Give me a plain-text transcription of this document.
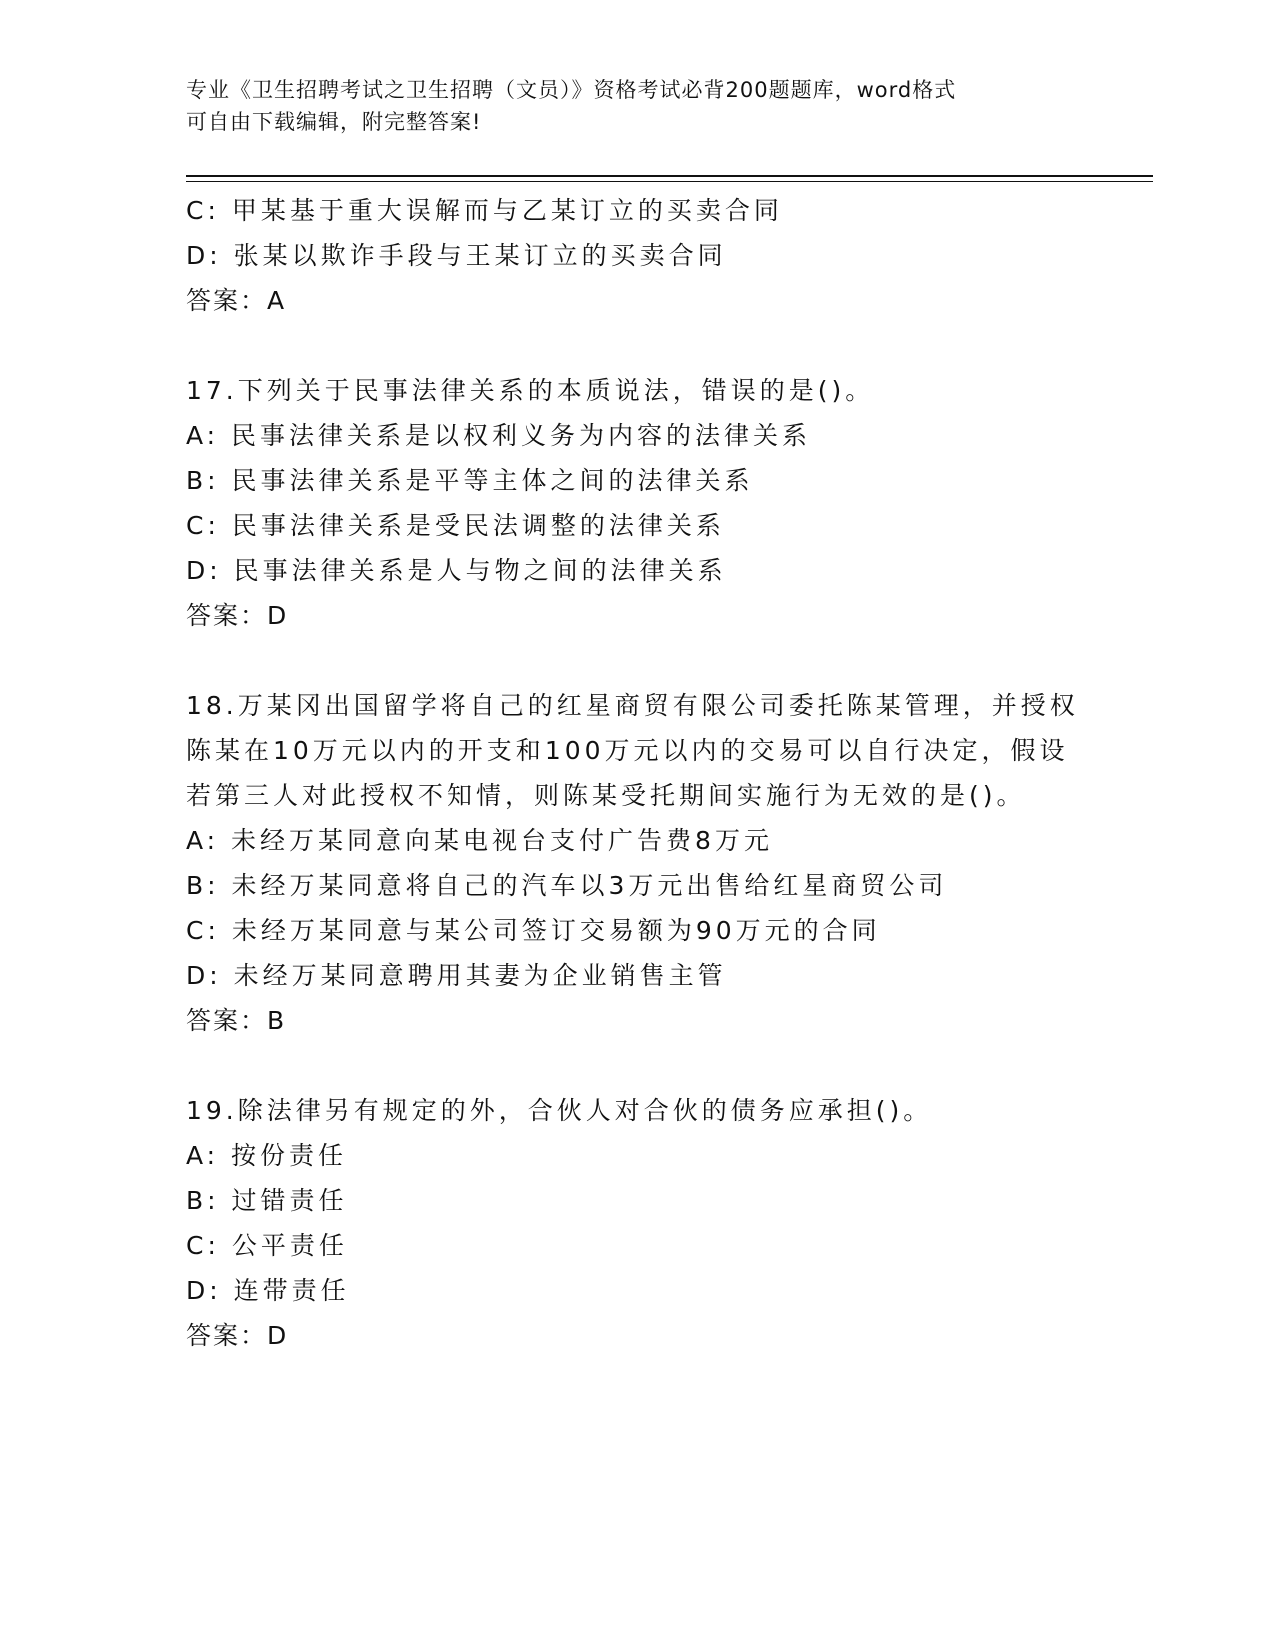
专业《卫生招聘考试之卫生招聘（文员）》资格考试必背200题题库，word格式
可自由下载编辑，附完整答案!

C: 甲某基于重大误解而与乙某订立的买卖合同

D: 张某以欺诈手段与王某订立的买卖合同

答案：A

17.下列关于民事法律关系的本质说法，错误的是()。

A: 民事法律关系是以权利义务为内容的法律关系

B: 民事法律关系是平等主体之间的法律关系

C: 民事法律关系是受民法调整的法律关系

D: 民事法律关系是人与物之间的法律关系

答案：D

18.万某冈出国留学将自己的红星商贸有限公司委托陈某管理，并授权

陈某在10万元以内的开支和100万元以内的交易可以自行决定，假设

若第三人对此授权不知情，则陈某受托期间实施行为无效的是()。

A: 未经万某同意向某电视台支付广告费8万元

B: 未经万某同意将自己的汽车以3万元出售给红星商贸公司

C: 未经万某同意与某公司签订交易额为90万元的合同

D: 未经万某同意聘用其妻为企业销售主管

答案：B

19.除法律另有规定的外，合伙人对合伙的债务应承担()。

A: 按份责任

B: 过错责任

C: 公平责任

D: 连带责任

答案：D
